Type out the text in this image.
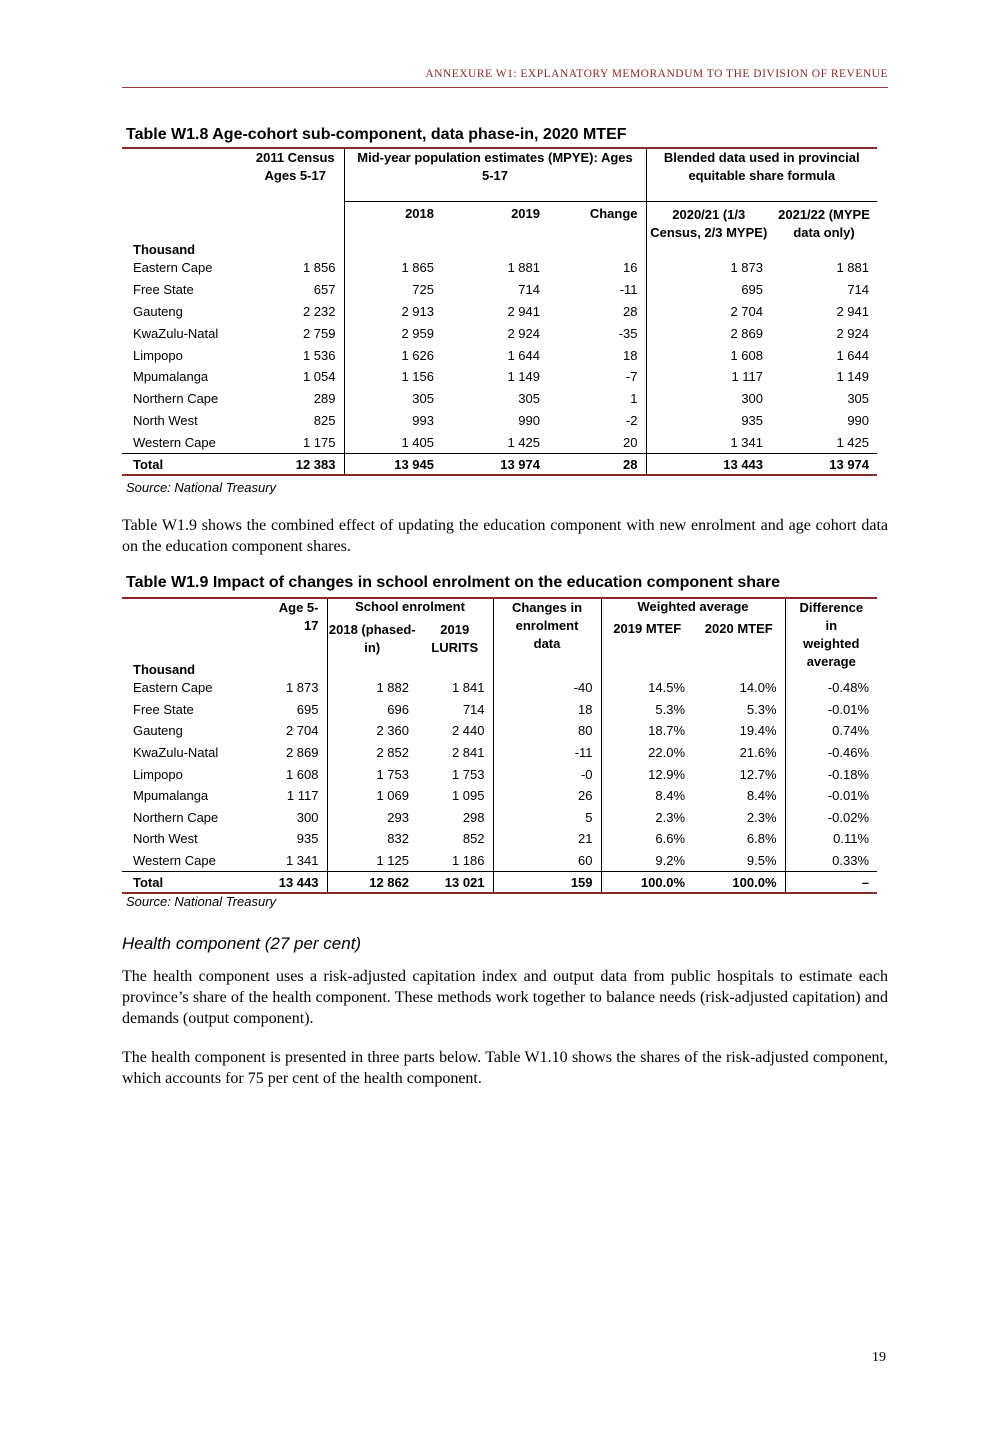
ANNEXURE W1: EXPLANATORY MEMORANDUM TO THE DIVISION OF REVENUE
Table W1.8 Age-cohort sub-component, data phase-in, 2020 MTEF
	2011 Census Ages 5-17	Mid-year population estimates (MPYE): Ages 5-17			Blended data used in provincial equitable share formula	
Thousand		2018	2019	Change	2020/21 (1/3 Census, 2/3 MYPE)	2021/22 (MYPE data only)
Eastern Cape	1 856	1 865	1 881	16	1 873	1 881
Free State	657	725	714	-11	695	714
Gauteng	2 232	2 913	2 941	28	2 704	2 941
KwaZulu-Natal	2 759	2 959	2 924	-35	2 869	2 924
Limpopo	1 536	1 626	1 644	18	1 608	1 644
Mpumalanga	1 054	1 156	1 149	-7	1 117	1 149
Northern Cape	289	305	305	1	300	305
North West	825	993	990	-2	935	990
Western Cape	1 175	1 405	1 425	20	1 341	1 425
Total	12 383	13 945	13 974	28	13 443	13 974
Source: National Treasury

Table W1.9 shows the combined effect of updating the education component with new enrolment and age cohort data on the education component shares.

Table W1.9 Impact of changes in school enrolment on the education component share
Thousand	Age 5-17	School enrolment		Changes in enrolment data	Weighted average		Difference in weighted average
		2018 (phased-in)	2019 LURITS		2019 MTEF	2020 MTEF	
Eastern Cape	1 873	1 882	1 841	-40	14.5%	14.0%	-0.48%
Free State	695	696	714	18	5.3%	5.3%	-0.01%
Gauteng	2 704	2 360	2 440	80	18.7%	19.4%	0.74%
KwaZulu-Natal	2 869	2 852	2 841	-11	22.0%	21.6%	-0.46%
Limpopo	1 608	1 753	1 753	-0	12.9%	12.7%	-0.18%
Mpumalanga	1 117	1 069	1 095	26	8.4%	8.4%	-0.01%
Northern Cape	300	293	298	5	2.3%	2.3%	-0.02%
North West	935	832	852	21	6.6%	6.8%	0.11%
Western Cape	1 341	1 125	1 186	60	9.2%	9.5%	0.33%
Total	13 443	12 862	13 021	159	100.0%	100.0%	–
Source: National Treasury
Health component (27 per cent)

The health component uses a risk-adjusted capitation index and output data from public hospitals to estimate each province’s share of the health component. These methods work together to balance needs (risk-adjusted capitation) and demands (output component).

The health component is presented in three parts below. Table W1.10 shows the shares of the risk-adjusted component, which accounts for 75 per cent of the health component.

19
